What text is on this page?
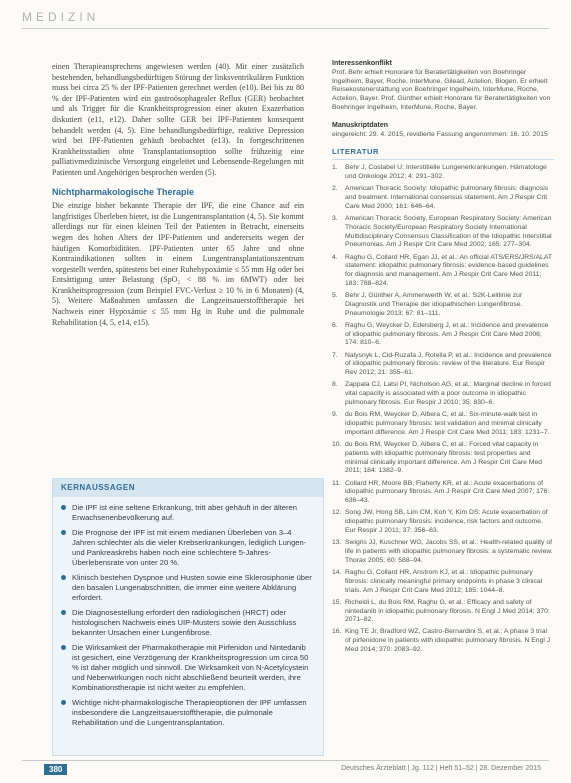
MEDIZIN

einen Therapieansprechens angewiesen werden (40). Mit einer zusätzlich bestehenden, behandlungsbedürftigen Störung der linksventrikulären Funktion muss bei circa 25 % der IPF-Patienten gerechnet werden (e10). Bei bis zu 80 % der IPF-Patienten wird ein gastroösophagealer Reflux (GER) beobachtet und als Trigger für die Krankheitsprogression einer akuten Exazerbation diskutiert (e11, e12). Daher sollte GER bei IPF-Patienten konsequent behandelt werden (4, 5). Eine behandlungsbedürftige, reaktive Depression wird bei IPF-Patienten gehäuft beobachtet (e13). In fortgeschrittenen Krankheitsstadien ohne Transplantationsoption sollte frühzeitig eine palliativmedizinische Versorgung eingeleitet und Lebensende-Regelungen mit Patienten und Angehörigen besprochen werden (5).

Nichtpharmakologische Therapie

Die einzige bisher bekannte Therapie der IPF, die eine Chance auf ein langfristiges Überleben bietet, ist die Lungentransplantation (4, 5). Sie kommt allerdings nur für einen kleinen Teil der Patienten in Betracht, einerseits wegen des hohen Alters der IPF-Patienten und andererseits wegen der häufigen Komorbiditäten. IPF-Patienten unter 65 Jahre und ohne Kontraindikationen sollten in einem Lungentransplantationszentrum vorgestellt werden, spätestens bei einer Ruhehypoxämie ≤ 55 mm Hg oder bei Entsättigung unter Belastung (SpO₂ < 88 % im 6MWT) oder bei Krankheitsprogression (zum Beispiel FVC-Verlust ≥ 10 % in 6 Monaten) (4, 5). Weitere Maßnahmen umfassen die Langzeitsauerstofftherapie bei Nachweis einer Hypoxämie ≤ 55 mm Hg in Ruhe und die pulmonale Rehabilitation (4, 5, e14, e15).

KERNAUSSAGEN
Die IPF ist eine seltene Erkrankung, tritt aber gehäuft in der älteren Erwachsenenbevölkerung auf.
Die Prognose der IPF ist mit einem medianen Überleben von 3–4 Jahren schlechter als die vieler Krebserkrankungen, lediglich Lungen- und Pankreaskrebs haben noch eine schlechtere 5-Jahres-Überlebensrate von unter 20 %.
Klinisch bestehen Dyspnoe und Husten sowie eine Sklerosiphonie über den basalen Lungenabschnitten, die immer eine weitere Abklärung erfordert.
Die Diagnosestellung erfordert den radiologischen (HRCT) oder histologischen Nachweis eines UIP-Musters sowie den Ausschluss bekannter Ursachen einer Lungenfibrose.
Die Wirksamkeit der Pharmakotherapie mit Pirfenidon und Nintedanib ist gesichert, eine Verzögerung der Krankheitsprogression um circa 50 % ist daher möglich und sinnvoll. Die Wirksamkeit von N-Acetylcystein und Nebenwirkungen noch nicht abschließend beurteilt werden, ihre Kombinationstherapie ist nicht weiter zu empfehlen.
Wichtige nicht-pharmakologische Therapieoptionen der IPF umfassen insbesondere die Langzeitsauerstofftherapie, die pulmonale Rehabilitation und die Lungentransplantation.
Interessenkonflikt
Prof. Behr erhielt Honorare für Beratertätigkeiten von Boehringer Ingelheim, Bayer, Roche, InterMune, Gilead, Actelion, Biogen. Er erhielt Reisekostenerstattung von Boehringer Ingelheim, InterMune, Roche, Actelion, Bayer. Prof. Günther erhielt Honorare für Beratertätigkeiten von Boehringer Ingelheim, InterMune, Roche, Bayer.
Manuskriptdaten
eingereicht: 29. 4. 2015, revidierte Fassung angenommen: 16. 10. 2015
LITERATUR
1. Behr J, Costabel U: Interstitielle Lungenerkrankungen. Hämatologe und Onkologe 2012; 4: 291–302.
2. American Thoracic Society: Idiopathic pulmonary fibrosis: diagnosis and treatment. International consensus statement. Am J Respir Crit Care Med 2000; 161: 646–64.
3. American Thoracic Society, European Respiratory Society: American Thoracic Society/European Respiratory Society International Multidisciplinary Consensus Classification of the Idiopathic Interstitial Pneumonias. Am J Respir Crit Care Med 2002; 165: 277–304.
4. Raghu G, Collard HR, Egan JJ, et al.: An official ATS/ERS/JRS/ALAT statement: idiopathic pulmonary fibrosis: evidence-based guidelines for diagnosis and management. Am J Respir Crit Care Med 2011; 183: 788–824.
5. Behr J, Günther A, Ammenwerth W, et al.: S2K-Leitlinie zur Diagnostik und Therapie der idiopathischen Lungenfibrose. Pneumologie 2013; 67: 81–111.
6. Raghu G, Weycker D, Edelsberg J, et al.: Incidence and prevalence of idiopathic pulmonary fibrosis. Am J Respir Crit Care Med 2006; 174: 810–6.
7. Nalysnyk L, Cid-Ruzafa J, Rotella P, et al.: Incidence and prevalence of idiopathic pulmonary fibrosis: review of the literature. Eur Respir Rev 2012; 21: 355–61.
8. Zappala CJ, Latsi PI, Nicholson AG, et al.: Marginal decline in forced vital capacity is associated with a poor outcome in idiopathic pulmonary fibrosis. Eur Respir J 2010; 35: 830–6.
9. du Bois RM, Weycker D, Albera C, et al.: Six-minute-walk test in idiopathic pulmonary fibrosis: test validation and minimal clinically important difference. Am J Respir Crit Care Med 2011; 183: 1231–7.
10. du Bois RM, Weycker D, Albera C, et al.: Forced vital capacity in patients with idiopathic pulmonary fibrosis: test properties and minimal clinically important difference. Am J Respir Crit Care Med 2011; 184: 1382–9.
11. Collard HR, Moore BB, Flaherty KR, et al.: Acute exacerbations of idiopathic pulmonary fibrosis. Am J Respir Crit Care Med 2007; 176: 636–43.
12. Song JW, Hong SB, Lim CM, Koh Y, Kim DS: Acute exacerbation of idiopathic pulmonary fibrosis: incidence, risk factors and outcome. Eur Respir J 2011; 37: 356–63.
13. Swigris JJ, Kuschner WG, Jacobs SS, et al.: Health-related quality of life in patients with idiopathic pulmonary fibrosis: a systematic review. Thorax 2005; 60: 588–94.
14. Raghu G, Collard HR, Anstrom KJ, et al.: Idiopathic pulmonary fibrosis: clinically meaningful primary endpoints in phase 3 clinical trials. Am J Respir Crit Care Med 2012; 185: 1044–8.
15. Richeldi L, du Bois RM, Raghu G, et al.: Efficacy and safety of nintedanib in idiopathic pulmonary fibrosis. N Engl J Med 2014; 370: 2071–82.
16. King TE Jr, Bradford WZ, Castro-Bernardini S, et al.: A phase 3 trial of pirfenidone in patients with idiopathic pulmonary fibrosis. N Engl J Med 2014; 370: 2083–92.
380	Deutsches Ärzteblatt | Jg. 112 | Heft 51–52 | 28. Dezember 2015
